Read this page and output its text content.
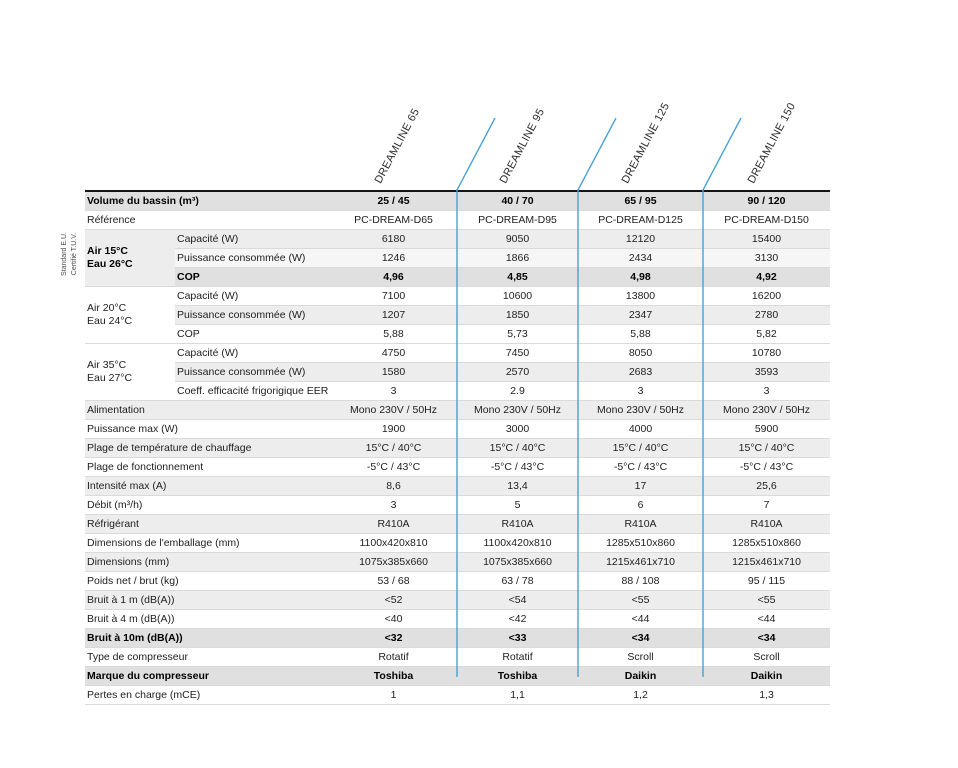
DREAMLINE 65	DREAMLINE 95	DREAMLINE 125	DREAMLINE 150
Standard E.U. Certifié T.U.V.
Volume du bassin (m³)		25 / 45	40 / 70	65 / 95	90 / 120
Référence		PC-DREAM-D65	PC-DREAM-D95	PC-DREAM-D125	PC-DREAM-D150

Air 15°C
Eau 26°C	Capacité (W)	6180	9050	12120	15400
	Puissance consommée (W)	1246	1866	2434	3130
	COP	4,96	4,85	4,98	4,92

Air 20°C
Eau 24°C	Capacité (W)	7100	10600	13800	16200
	Puissance consommée (W)	1207	1850	2347	2780
	COP	5,88	5,73	5,88	5,82

Air 35°C
Eau 27°C	Capacité (W)	4750	7450	8050	10780
	Puissance consommée (W)	1580	2570	2683	3593
	Coeff. efficacité frigorigique EER	3	2.9	3	3
Alimentation		Mono 230V / 50Hz	Mono 230V / 50Hz	Mono 230V / 50Hz	Mono 230V / 50Hz
Puissance max (W)		1900	3000	4000	5900
Plage de température de chauffage		15°C / 40°C	15°C / 40°C	15°C / 40°C	15°C / 40°C
Plage de fonctionnement		-5°C / 43°C	-5°C / 43°C	-5°C / 43°C	-5°C / 43°C
Intensité max (A)		8,6	13,4	17	25,6
Débit (m³/h)		3	5	6	7
Réfrigérant		R410A	R410A	R410A	R410A
Dimensions de l'emballage (mm)		1100x420x810	1100x420x810	1285x510x860	1285x510x860
Dimensions (mm)		1075x385x660	1075x385x660	1215x461x710	1215x461x710
Poids net / brut (kg)		53 / 68	63 / 78	88 / 108	95 / 115
Bruit à 1 m (dB(A))		<52	<54	<55	<55
Bruit à 4 m (dB(A))		<40	<42	<44	<44
Bruit à 10m (dB(A))		<32	<33	<34	<34
Type de compresseur		Rotatif	Rotatif	Scroll	Scroll
Marque du compresseur		Toshiba	Toshiba	Daikin	Daikin
Pertes en charge (mCE)		1	1,1	1,2	1,3
